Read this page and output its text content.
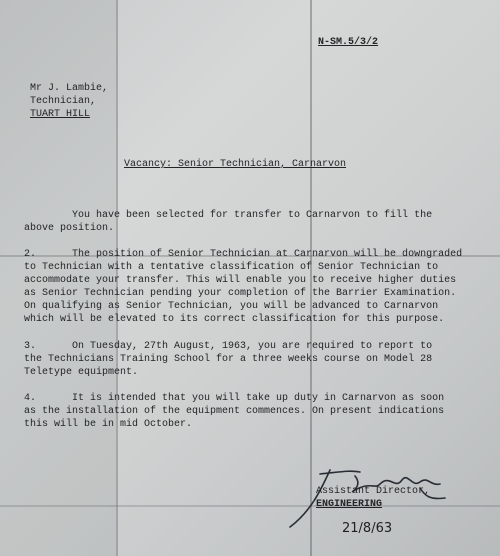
N-SM.5/3/2
Mr J. Lambie,
Technician,
TUART HILL
Vacancy: Senior Technician, Carnarvon
You have been selected for transfer to Carnarvon to fill the
above position.
2.      The position of Senior Technician at Carnarvon will be downgraded
to Technician with a tentative classification of Senior Technician to
accommodate your transfer. This will enable you to receive higher duties
as Senior Technician pending your completion of the Barrier Examination.
On qualifying as Senior Technician, you will be advanced to Carnarvon
which will be elevated to its correct classification for this purpose.
3.      On Tuesday, 27th August, 1963, you are required to report to
the Technicians Training School for a three weeks course on Model 28
Teletype equipment.
4.      It is intended that you will take up duty in Carnarvon as soon
as the installation of the equipment commences. On present indications
this will be in mid October.
Assistant Director,
ENGINEERING
21/8/63
